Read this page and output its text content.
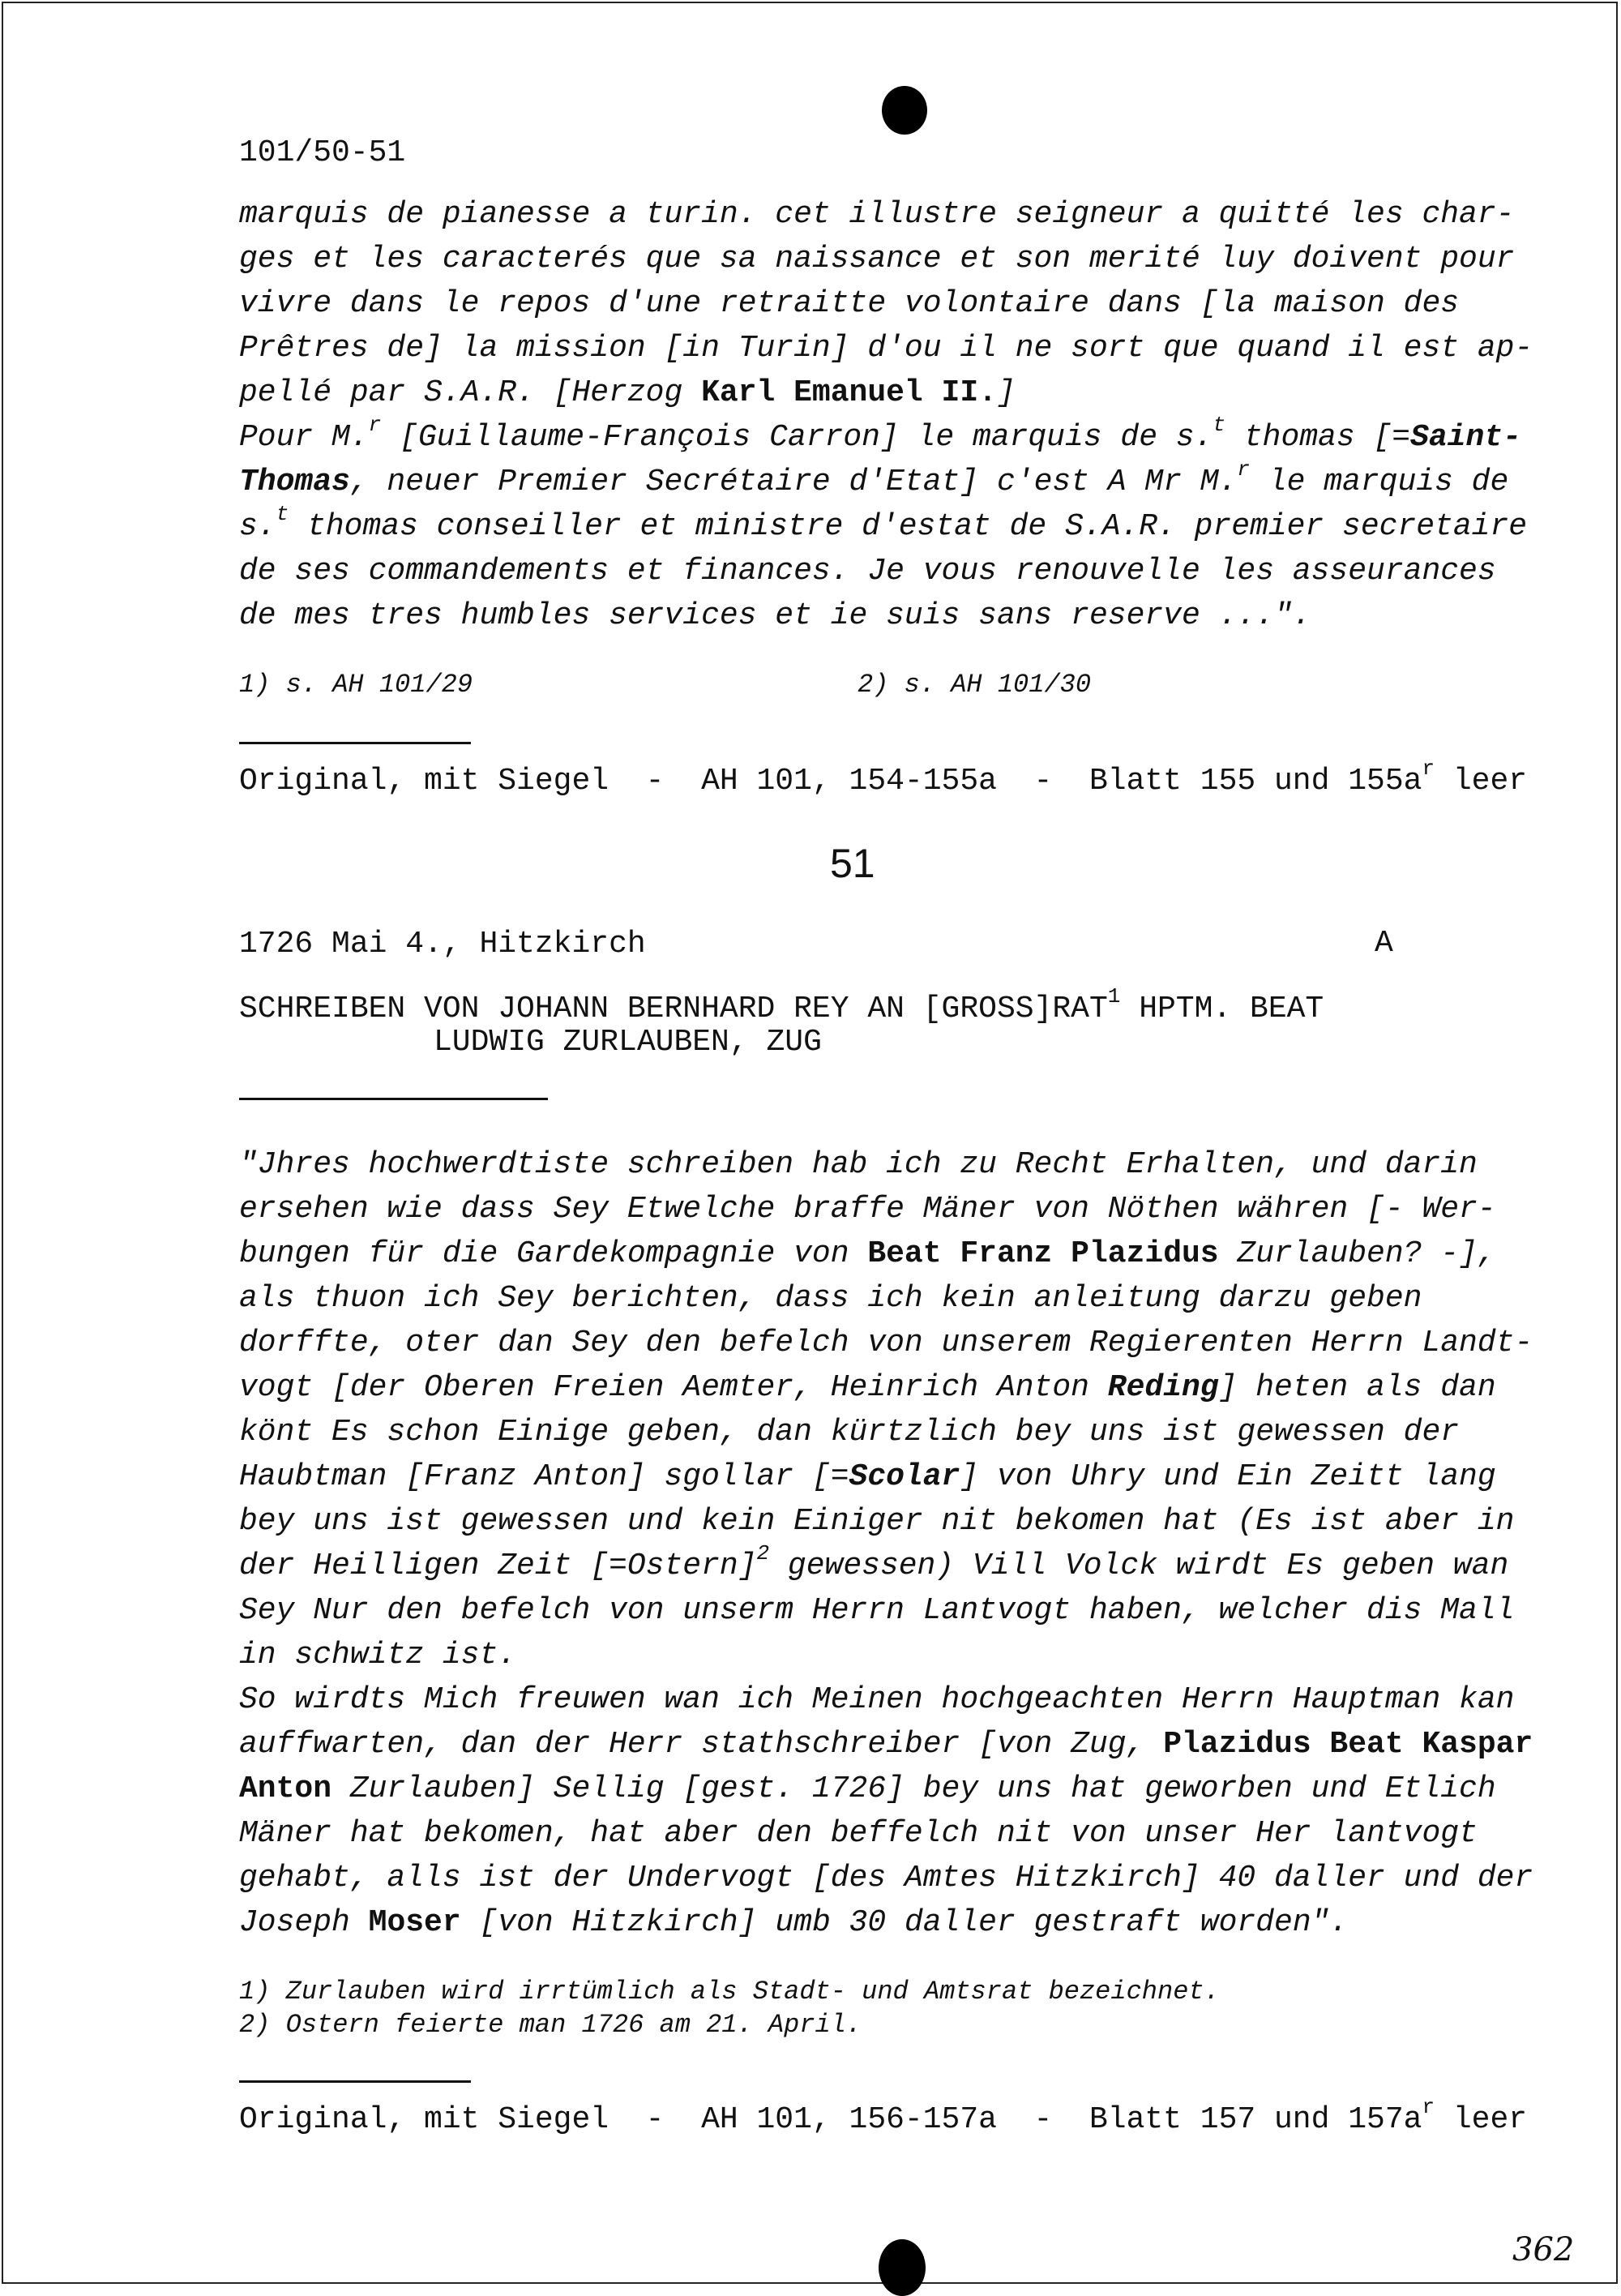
101/50-51
marquis de pianesse a turin. cet illustre seigneur a quitté les char-
ges et les caracterés que sa naissance et son merité luy doivent pour
vivre dans le repos d'une retraitte volontaire dans [la maison des
Prêtres de] la mission [in Turin] d'ou il ne sort que quand il est ap-
pellé par S.A.R. [Herzog Karl Emanuel II.]
Pour M.$^r$ [Guillaume-François Carron] le marquis de s.$^t$ thomas [=Saint-
Thomas, neuer Premier Secrétaire d'Etat] c'est A Mr M.$^r$ le marquis de
s.$^t$ thomas conseiller et ministre d'estat de S.A.R. premier secretaire
de ses commandements et finances. Je vous renouvelle les asseurances
de mes tres humbles services et ie suis sans reserve ...".
1) s. AH 101/29	2) s. AH 101/30
Original, mit Siegel  -  AH 101, 154-155a  -  Blatt 155 und $155a^r$ leer
51
1726 Mai 4., Hitzkirch	A
SCHREIBEN VON JOHANN BERNHARD REY AN [GROSS]RAT$^1$ HPTM. BEAT
LUDWIG ZURLAUBEN, ZUG
"Jhres hochwerdtiste schreiben hab ich zu Recht Erhalten, und darin
ersehen wie dass Sey Etwelche braffe Mäner von Nöthen währen [- Wer-
bungen für die Gardekompagnie von Beat Franz Plazidus Zurlauben? -],
als thuon ich Sey berichten, dass ich kein anleitung darzu geben
dorffte, oter dan Sey den befelch von unserem Regierenten Herrn Landt-
vogt [der Oberen Freien Aemter, Heinrich Anton Reding] heten als dan
könt Es schon Einige geben, dan kürtzlich bey uns ist gewessen der
Haubtman [Franz Anton] sgollar [=Scolar] von Uhry und Ein Zeitt lang
bey uns ist gewessen und kein Einiger nit bekomen hat (Es ist aber in
der Heilligen Zeit [=Ostern]$^2$ gewessen) Vill Volck wirdt Es geben wan
Sey Nur den befelch von unserm Herrn Lantvogt haben, welcher dis Mall
in schwitz ist.
So wirdts Mich freuwen wan ich Meinen hochgeachten Herrn Hauptman kan
auffwarten, dan der Herr stathschreiber [von Zug, Plazidus Beat Kaspar
Anton Zurlauben] Sellig [gest. 1726] bey uns hat geworben und Etlich
Mäner hat bekomen, hat aber den beffelch nit von unser Her lantvogt
gehabt, alls ist der Undervogt [des Amtes Hitzkirch] 40 daller und der
Joseph Moser [von Hitzkirch] umb 30 daller gestraft worden".
1) Zurlauben wird irrtümlich als Stadt- und Amtsrat bezeichnet.
2) Ostern feierte man 1726 am 21. April.
Original, mit Siegel  -  AH 101, 156-157a  -  Blatt 157 und $157a^r$ leer
362
